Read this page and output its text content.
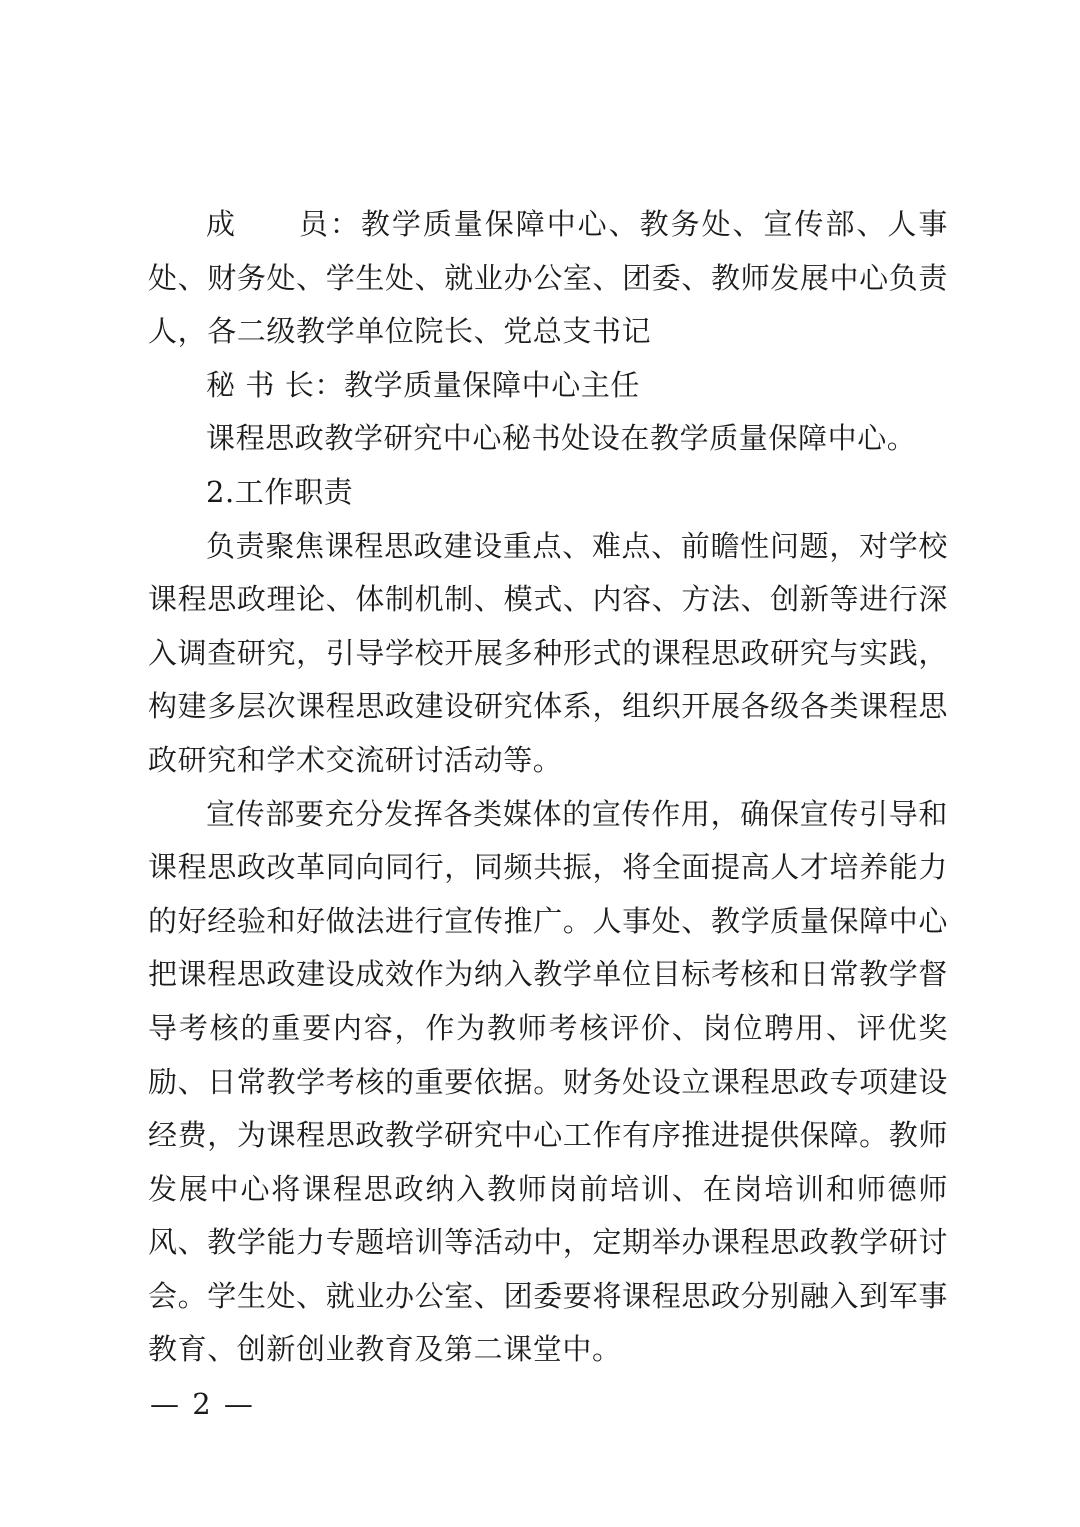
成　　员：教学质量保障中心、教务处、宣传部、人事处、财务处、学生处、就业办公室、团委、教师发展中心负责人，各二级教学单位院长、党总支书记

秘 书 长：教学质量保障中心主任

课程思政教学研究中心秘书处设在教学质量保障中心。

2.工作职责

负责聚焦课程思政建设重点、难点、前瞻性问题，对学校课程思政理论、体制机制、模式、内容、方法、创新等进行深入调查研究，引导学校开展多种形式的课程思政研究与实践，构建多层次课程思政建设研究体系，组织开展各级各类课程思政研究和学术交流研讨活动等。

宣传部要充分发挥各类媒体的宣传作用，确保宣传引导和课程思政改革同向同行，同频共振，将全面提高人才培养能力的好经验和好做法进行宣传推广。人事处、教学质量保障中心把课程思政建设成效作为纳入教学单位目标考核和日常教学督导考核的重要内容，作为教师考核评价、岗位聘用、评优奖励、日常教学考核的重要依据。财务处设立课程思政专项建设经费，为课程思政教学研究中心工作有序推进提供保障。教师发展中心将课程思政纳入教师岗前培训、在岗培训和师德师风、教学能力专题培训等活动中，定期举办课程思政教学研讨会。学生处、就业办公室、团委要将课程思政分别融入到军事教育、创新创业教育及第二课堂中。

— 2 —
